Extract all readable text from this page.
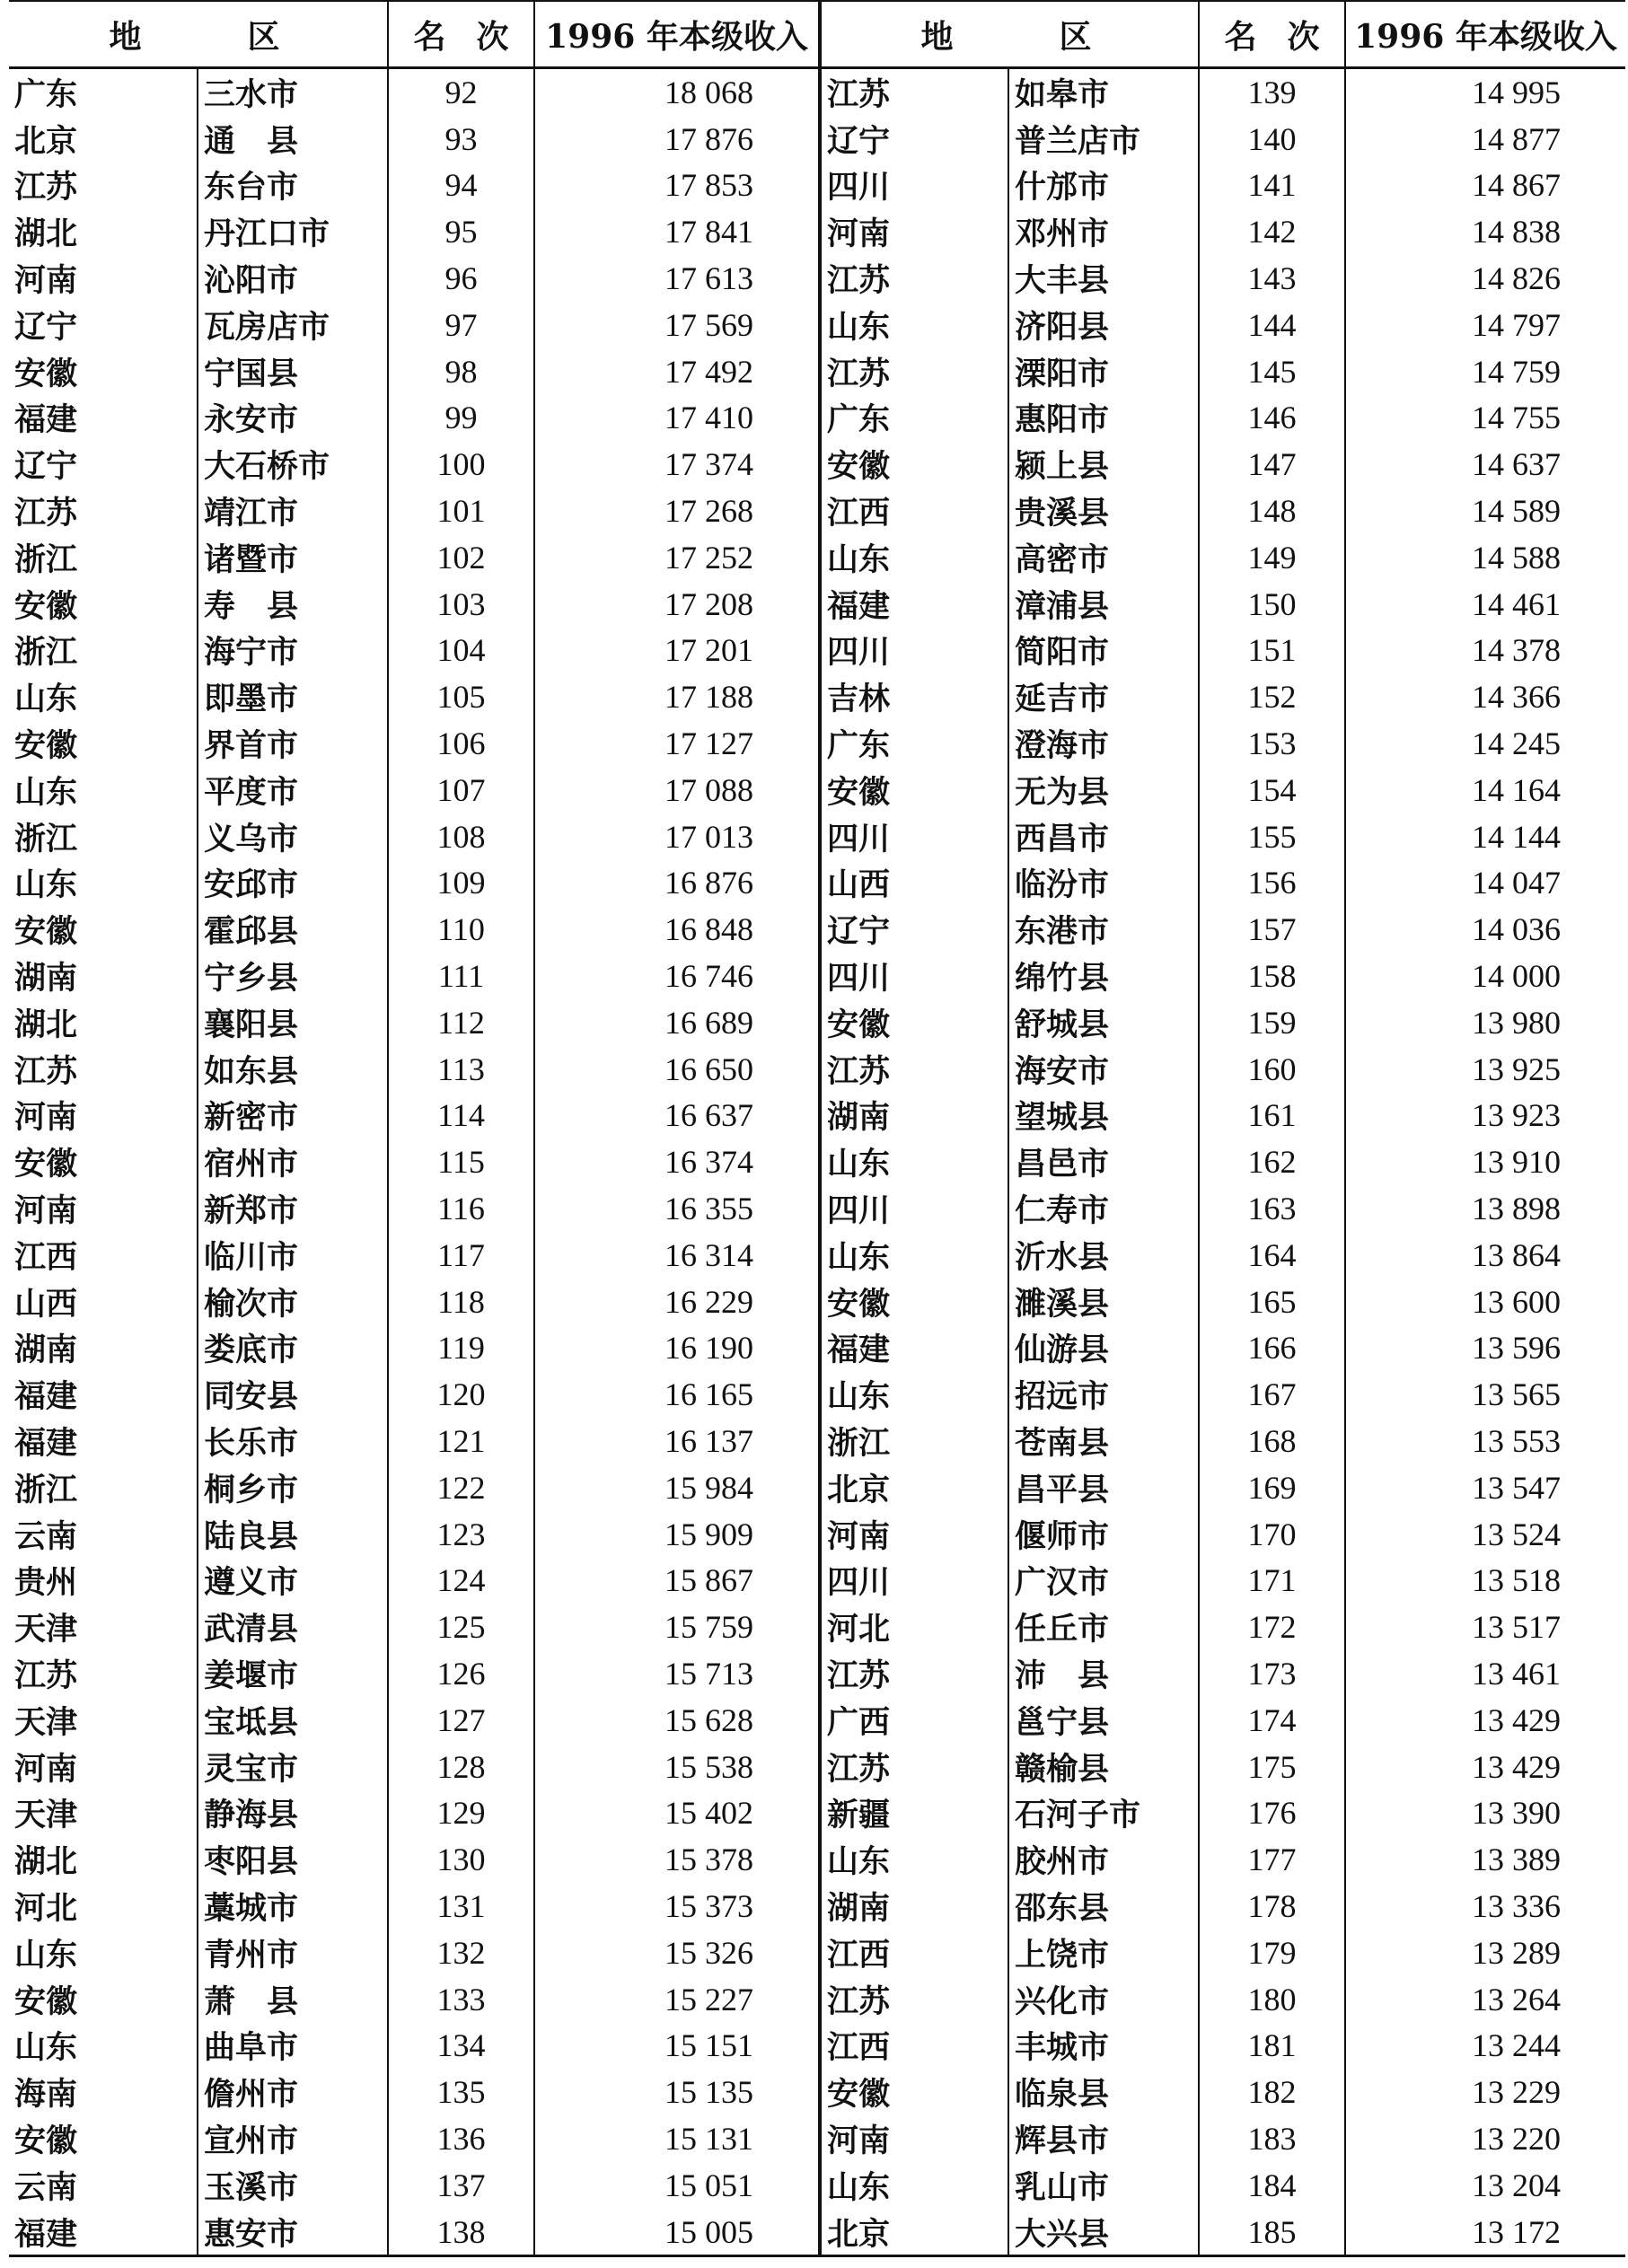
地 区		名 次	1996 年本级收入	地 区		名 次	1996 年本级收入
广东	三水市	92	18 068	江苏	如皋市	139	14 995
北京	通　县	93	17 876	辽宁	普兰店市	140	14 877
江苏	东台市	94	17 853	四川	什邡市	141	14 867
湖北	丹江口市	95	17 841	河南	邓州市	142	14 838
河南	沁阳市	96	17 613	江苏	大丰县	143	14 826
辽宁	瓦房店市	97	17 569	山东	济阳县	144	14 797
安徽	宁国县	98	17 492	江苏	溧阳市	145	14 759
福建	永安市	99	17 410	广东	惠阳市	146	14 755
辽宁	大石桥市	100	17 374	安徽	颍上县	147	14 637
江苏	靖江市	101	17 268	江西	贵溪县	148	14 589
浙江	诸暨市	102	17 252	山东	高密市	149	14 588
安徽	寿　县	103	17 208	福建	漳浦县	150	14 461
浙江	海宁市	104	17 201	四川	简阳市	151	14 378
山东	即墨市	105	17 188	吉林	延吉市	152	14 366
安徽	界首市	106	17 127	广东	澄海市	153	14 245
山东	平度市	107	17 088	安徽	无为县	154	14 164
浙江	义乌市	108	17 013	四川	西昌市	155	14 144
山东	安邱市	109	16 876	山西	临汾市	156	14 047
安徽	霍邱县	110	16 848	辽宁	东港市	157	14 036
湖南	宁乡县	111	16 746	四川	绵竹县	158	14 000
湖北	襄阳县	112	16 689	安徽	舒城县	159	13 980
江苏	如东县	113	16 650	江苏	海安市	160	13 925
河南	新密市	114	16 637	湖南	望城县	161	13 923
安徽	宿州市	115	16 374	山东	昌邑市	162	13 910
河南	新郑市	116	16 355	四川	仁寿市	163	13 898
江西	临川市	117	16 314	山东	沂水县	164	13 864
山西	榆次市	118	16 229	安徽	濉溪县	165	13 600
湖南	娄底市	119	16 190	福建	仙游县	166	13 596
福建	同安县	120	16 165	山东	招远市	167	13 565
福建	长乐市	121	16 137	浙江	苍南县	168	13 553
浙江	桐乡市	122	15 984	北京	昌平县	169	13 547
云南	陆良县	123	15 909	河南	偃师市	170	13 524
贵州	遵义市	124	15 867	四川	广汉市	171	13 518
天津	武清县	125	15 759	河北	任丘市	172	13 517
江苏	姜堰市	126	15 713	江苏	沛　县	173	13 461
天津	宝坻县	127	15 628	广西	邕宁县	174	13 429
河南	灵宝市	128	15 538	江苏	赣榆县	175	13 429
天津	静海县	129	15 402	新疆	石河子市	176	13 390
湖北	枣阳县	130	15 378	山东	胶州市	177	13 389
河北	藁城市	131	15 373	湖南	邵东县	178	13 336
山东	青州市	132	15 326	江西	上饶市	179	13 289
安徽	萧　县	133	15 227	江苏	兴化市	180	13 264
山东	曲阜市	134	15 151	江西	丰城市	181	13 244
海南	儋州市	135	15 135	安徽	临泉县	182	13 229
安徽	宣州市	136	15 131	河南	辉县市	183	13 220
云南	玉溪市	137	15 051	山东	乳山市	184	13 204
福建	惠安市	138	15 005	北京	大兴县	185	13 172
